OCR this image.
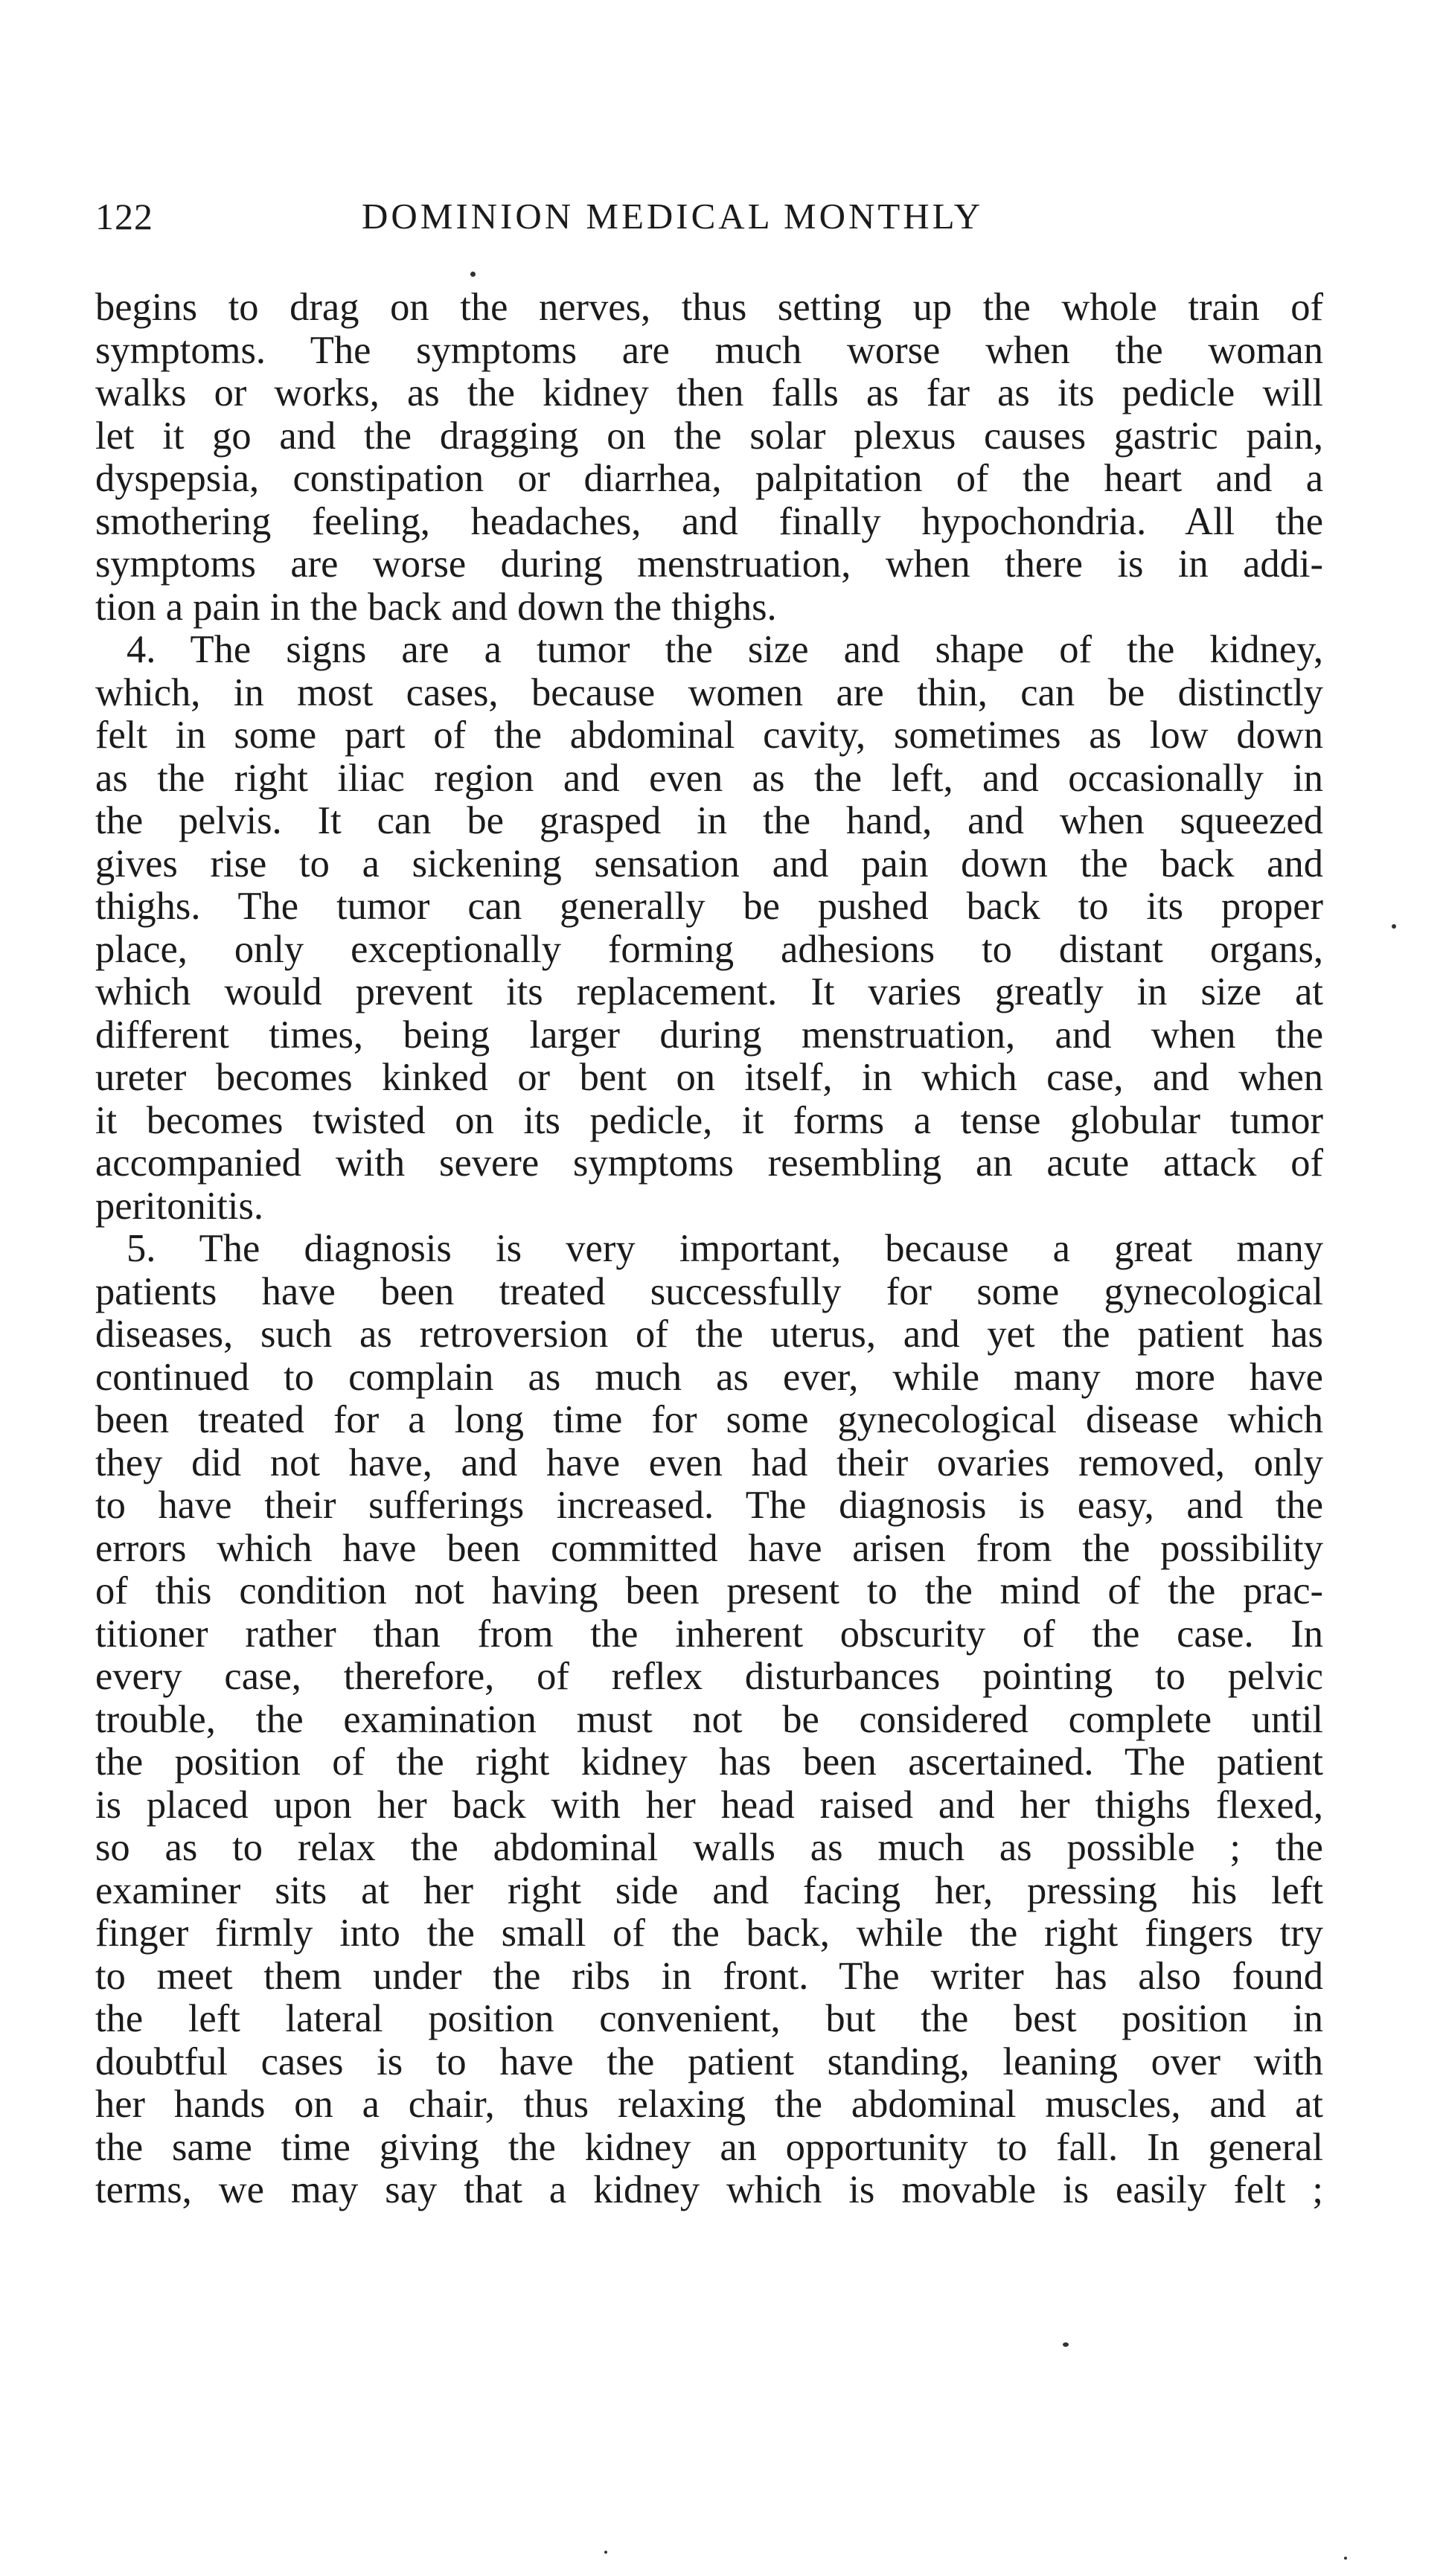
122	DOMINION MEDICAL MONTHLY
begins to drag on the nerves, thus setting up the whole train of
symptoms. The symptoms are much worse when the woman
walks or works, as the kidney then falls as far as its pedicle will
let it go and the dragging on the solar plexus causes gastric pain,
dyspepsia, constipation or diarrhea, palpitation of the heart and a
smothering feeling, headaches, and finally hypochondria. All the
symptoms are worse during menstruation, when there is in addi-
tion a pain in the back and down the thighs.
4. The signs are a tumor the size and shape of the kidney,
which, in most cases, because women are thin, can be distinctly
felt in some part of the abdominal cavity, sometimes as low down
as the right iliac region and even as the left, and occasionally in
the pelvis. It can be grasped in the hand, and when squeezed
gives rise to a sickening sensation and pain down the back and
thighs. The tumor can generally be pushed back to its proper
place, only exceptionally forming adhesions to distant organs,
which would prevent its replacement. It varies greatly in size at
different times, being larger during menstruation, and when the
ureter becomes kinked or bent on itself, in which case, and when
it becomes twisted on its pedicle, it forms a tense globular tumor
accompanied with severe symptoms resembling an acute attack of
peritonitis.
5. The diagnosis is very important, because a great many
patients have been treated successfully for some gynecological
diseases, such as retroversion of the uterus, and yet the patient has
continued to complain as much as ever, while many more have
been treated for a long time for some gynecological disease which
they did not have, and have even had their ovaries removed, only
to have their sufferings increased. The diagnosis is easy, and the
errors which have been committed have arisen from the possibility
of this condition not having been present to the mind of the prac-
titioner rather than from the inherent obscurity of the case. In
every case, therefore, of reflex disturbances pointing to pelvic
trouble, the examination must not be considered complete until
the position of the right kidney has been ascertained. The patient
is placed upon her back with her head raised and her thighs flexed,
so as to relax the abdominal walls as much as possible ; the
examiner sits at her right side and facing her, pressing his left
finger firmly into the small of the back, while the right fingers try
to meet them under the ribs in front. The writer has also found
the left lateral position convenient, but the best position in
doubtful cases is to have the patient standing, leaning over with
her hands on a chair, thus relaxing the abdominal muscles, and at
the same time giving the kidney an opportunity to fall. In general
terms, we may say that a kidney which is movable is easily felt ;
